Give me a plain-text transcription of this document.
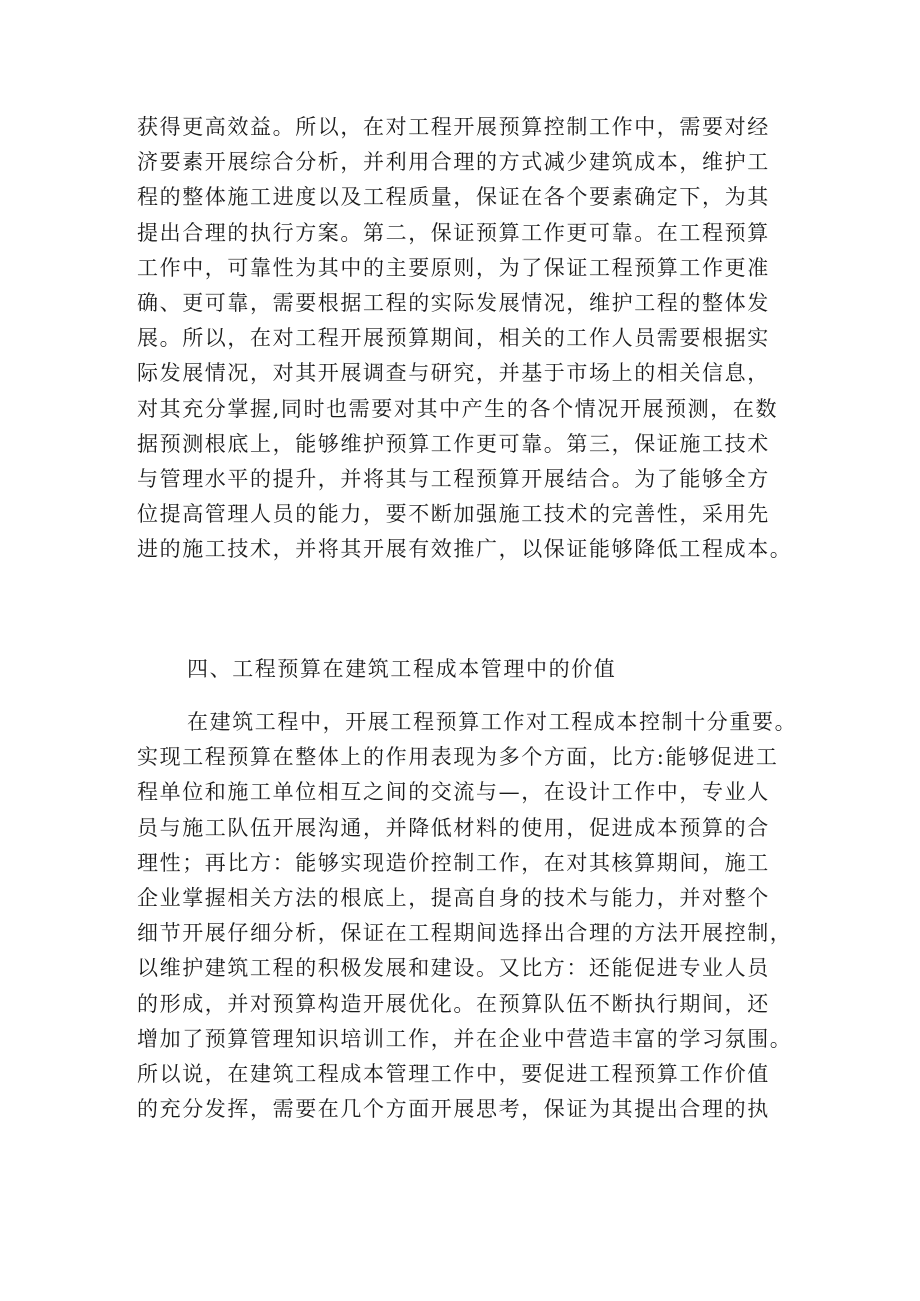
获得更高效益。所以，在对工程开展预算控制工作中，需要对经
济要素开展综合分析，并利用合理的方式减少建筑成本，维护工
程的整体施工进度以及工程质量，保证在各个要素确定下，为其
提出合理的执行方案。第二，保证预算工作更可靠。在工程预算
工作中，可靠性为其中的主要原则，为了保证工程预算工作更准
确、更可靠，需要根据工程的实际发展情况，维护工程的整体发
展。所以，在对工程开展预算期间，相关的工作人员需要根据实
际发展情况，对其开展调查与研究，并基于市场上的相关信息，
对其充分掌握,同时也需要对其中产生的各个情况开展预测，在数
据预测根底上，能够维护预算工作更可靠。第三，保证施工技术
与管理水平的提升，并将其与工程预算开展结合。为了能够全方
位提高管理人员的能力，要不断加强施工技术的完善性，采用先
进的施工技术，并将其开展有效推广，以保证能够降低工程成本。
四、工程预算在建筑工程成本管理中的价值
在建筑工程中，开展工程预算工作对工程成本控制十分重要。
实现工程预算在整体上的作用表现为多个方面，比方:能够促进工
程单位和施工单位相互之间的交流与—，在设计工作中，专业人
员与施工队伍开展沟通，并降低材料的使用，促进成本预算的合
理性；再比方：能够实现造价控制工作，在对其核算期间，施工
企业掌握相关方法的根底上，提高自身的技术与能力，并对整个
细节开展仔细分析，保证在工程期间选择出合理的方法开展控制，
以维护建筑工程的积极发展和建设。又比方：还能促进专业人员
的形成，并对预算构造开展优化。在预算队伍不断执行期间，还
增加了预算管理知识培训工作，并在企业中营造丰富的学习氛围。
所以说，在建筑工程成本管理工作中，要促进工程预算工作价值
的充分发挥，需要在几个方面开展思考，保证为其提出合理的执
